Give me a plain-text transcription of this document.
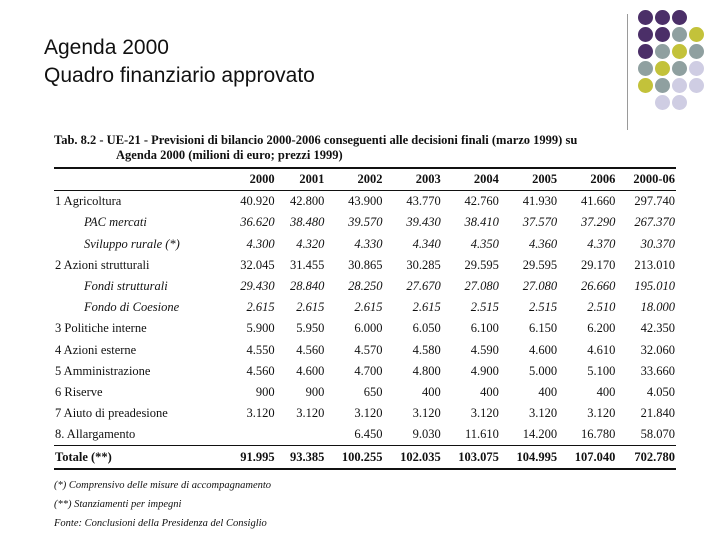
Agenda 2000
Quadro finanziario approvato
Tab. 8.2 - UE-21 - Previsioni di bilancio 2000-2006 conseguenti alle decisioni finali (marzo 1999) su
Agenda 2000 (milioni di euro; prezzi 1999)
	2000	2001	2002	2003	2004	2005	2006	2000-06
1 Agricoltura	40.920	42.800	43.900	43.770	42.760	41.930	41.660	297.740
PAC mercati	36.620	38.480	39.570	39.430	38.410	37.570	37.290	267.370
Sviluppo rurale (*)	4.300	4.320	4.330	4.340	4.350	4.360	4.370	30.370
2 Azioni strutturali	32.045	31.455	30.865	30.285	29.595	29.595	29.170	213.010
Fondi strutturali	29.430	28.840	28.250	27.670	27.080	27.080	26.660	195.010
Fondo di Coesione	2.615	2.615	2.615	2.615	2.515	2.515	2.510	18.000
3 Politiche interne	5.900	5.950	6.000	6.050	6.100	6.150	6.200	42.350
4 Azioni esterne	4.550	4.560	4.570	4.580	4.590	4.600	4.610	32.060
5 Amministrazione	4.560	4.600	4.700	4.800	4.900	5.000	5.100	33.660
6 Riserve	900	900	650	400	400	400	400	4.050
7 Aiuto di preadesione	3.120	3.120	3.120	3.120	3.120	3.120	3.120	21.840
8. Allargamento			6.450	9.030	11.610	14.200	16.780	58.070
Totale (**)	91.995	93.385	100.255	102.035	103.075	104.995	107.040	702.780
(*) Comprensivo delle misure di accompagnamento
(**) Stanziamenti per impegni
Fonte: Conclusioni della Presidenza del Consiglio
